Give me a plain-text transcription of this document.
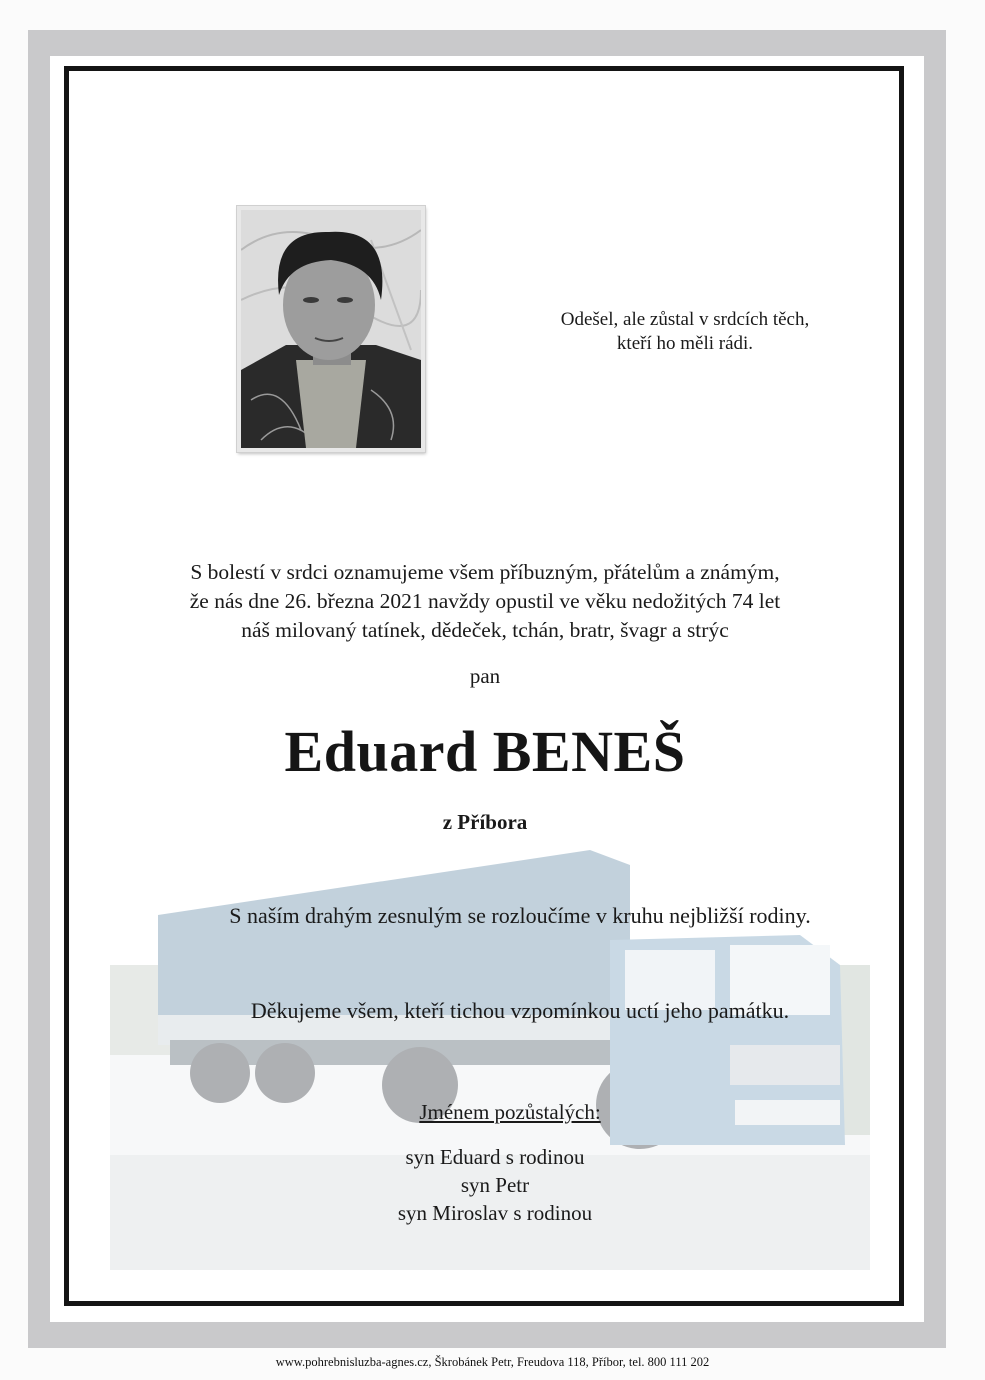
Odešel, ale zůstal v srdcích těch,
kteří ho měli rádi.
S bolestí v srdci oznamujeme všem příbuzným, přátelům a známým,
že nás dne 26. března 2021 navždy opustil ve věku nedožitých 74 let
náš milovaný tatínek, dědeček, tchán, bratr, švagr a strýc
pan
Eduard BENEŠ
z Příbora
S naším drahým zesnulým se rozloučíme v kruhu nejbližší rodiny.
Děkujeme všem, kteří tichou vzpomínkou uctí jeho památku.
Jménem pozůstalých:
syn Eduard s rodinou
syn Petr
syn Miroslav s rodinou
www.pohrebnisluzba-agnes.cz, Škrobánek Petr, Freudova 118, Příbor, tel. 800 111 202
